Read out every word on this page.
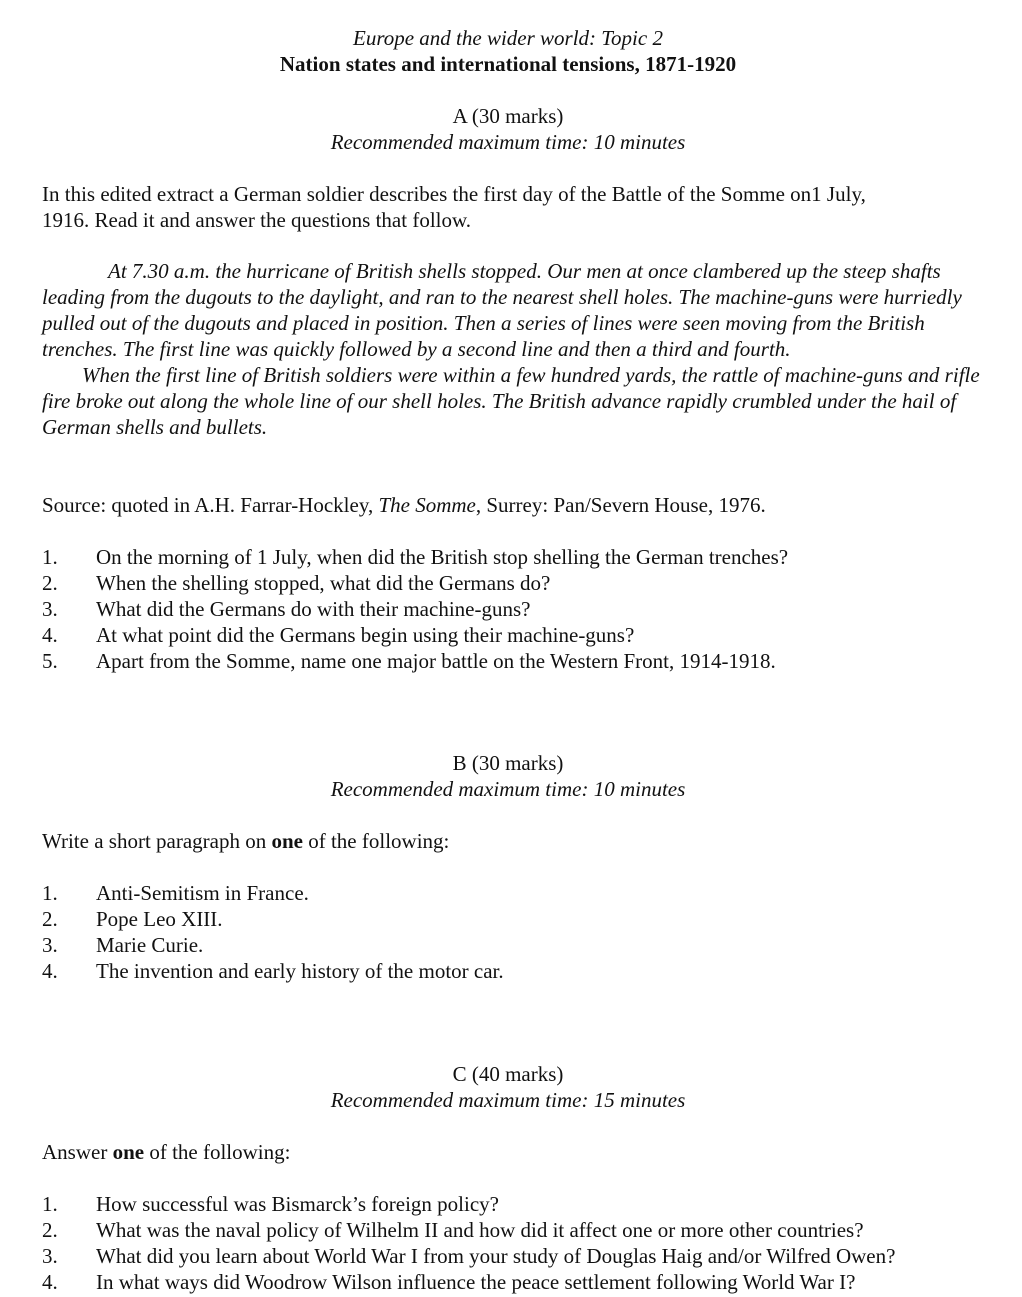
Europe and the wider world: Topic 2
Nation states and international tensions, 1871-1920
A (30 marks)
Recommended maximum time: 10 minutes
In this edited extract a German soldier describes the first day of the Battle of the Somme on1 July,
1916. Read it and answer the questions that follow.

At 7.30 a.m. the hurricane of British shells stopped. Our men at once clambered up the steep shafts leading from the dugouts to the daylight, and ran to the nearest shell holes. The machine-guns were hurriedly pulled out of the dugouts and placed in position. Then a series of lines were seen moving from the British trenches. The first line was quickly followed by a second line and then a third and fourth.

When the first line of British soldiers were within a few hundred yards, the rattle of machine-guns and rifle fire broke out along the whole line of our shell holes. The British advance rapidly crumbled under the hail of German shells and bullets.

Source: quoted in A.H. Farrar-Hockley, The Somme, Surrey: Pan/Severn House, 1976.
1. On the morning of 1 July, when did the British stop shelling the German trenches?
2. When the shelling stopped, what did the Germans do?
3. What did the Germans do with their machine-guns?
4. At what point did the Germans begin using their machine-guns?
5. Apart from the Somme, name one major battle on the Western Front, 1914-1918.
B (30 marks)
Recommended maximum time: 10 minutes
Write a short paragraph on one of the following:
1. Anti-Semitism in France.
2. Pope Leo XIII.
3. Marie Curie.
4. The invention and early history of the motor car.
C (40 marks)
Recommended maximum time: 15 minutes
Answer one of the following:
1. How successful was Bismarck’s foreign policy?
2. What was the naval policy of Wilhelm II and how did it affect one or more other countries?
3. What did you learn about World War I from your study of Douglas Haig and/or Wilfred Owen?
4. In what ways did Woodrow Wilson influence the peace settlement following World War I?
